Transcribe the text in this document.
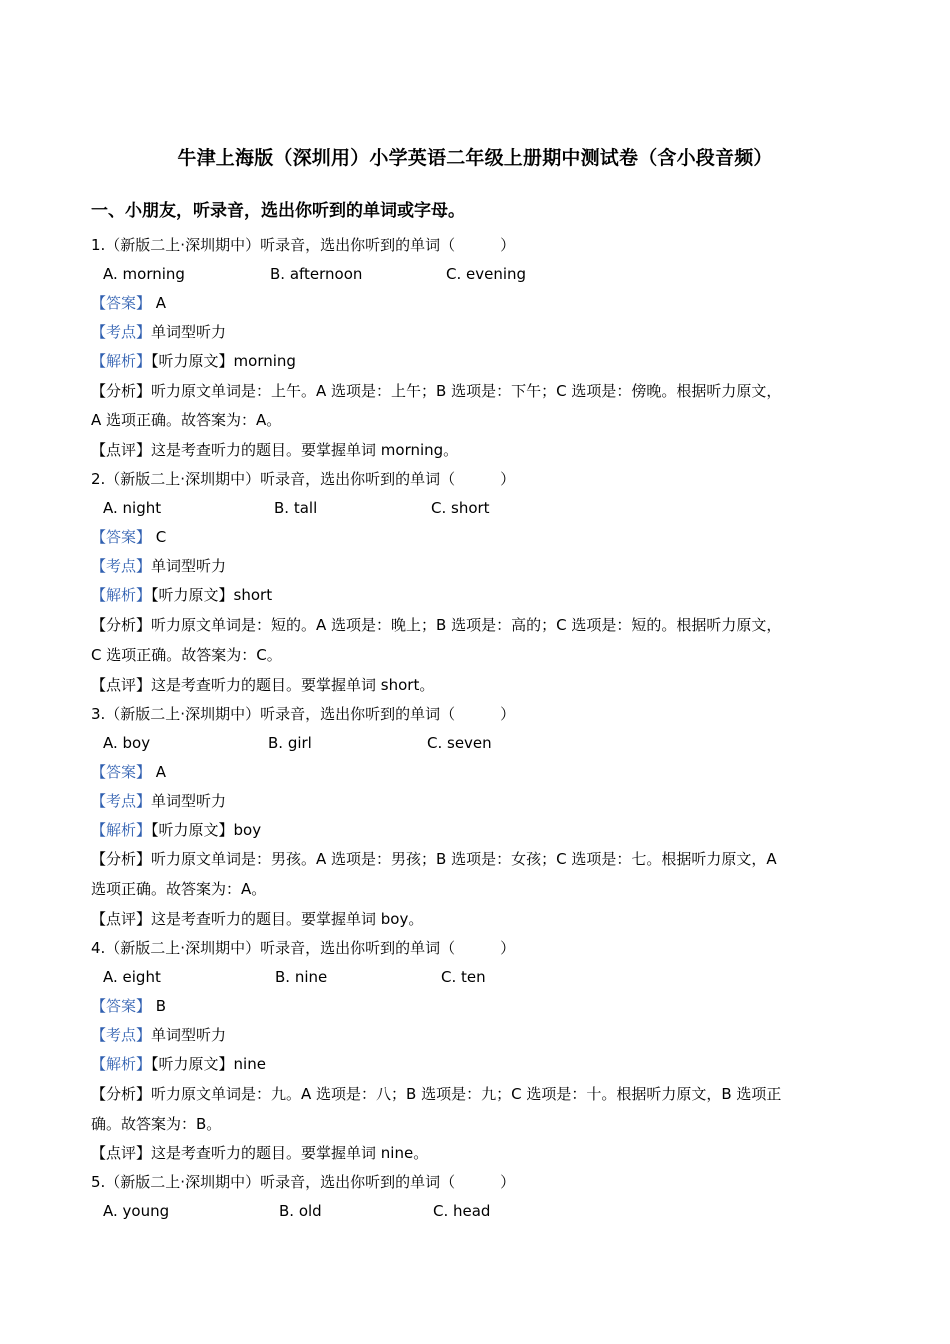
牛津上海版（深圳用）小学英语二年级上册期中测试卷（含小段音频）
一、小朋友，听录音，选出你听到的单词或字母。
1.（新版二上·深圳期中）听录音，选出你听到的单词（　　　）
A. morning	B. afternoon	C. evening
【答案】 A
【考点】单词型听力
【解析】【听力原文】morning
【分析】听力原文单词是：上午。A 选项是：上午；B 选项是：下午；C 选项是：傍晚。根据听力原文，
A 选项正确。故答案为：A。
【点评】这是考查听力的题目。要掌握单词 morning。
2.（新版二上·深圳期中）听录音，选出你听到的单词（　　　）
A. night	B. tall	C. short
【答案】 C
【考点】单词型听力
【解析】【听力原文】short
【分析】听力原文单词是：短的。A 选项是：晚上；B 选项是：高的；C 选项是：短的。根据听力原文，
C 选项正确。故答案为：C。
【点评】这是考查听力的题目。要掌握单词 short。
3.（新版二上·深圳期中）听录音，选出你听到的单词（　　　）
A. boy	B. girl	C. seven
【答案】 A
【考点】单词型听力
【解析】【听力原文】boy
【分析】听力原文单词是：男孩。A 选项是：男孩；B 选项是：女孩；C 选项是：七。根据听力原文，A
选项正确。故答案为：A。
【点评】这是考查听力的题目。要掌握单词 boy。
4.（新版二上·深圳期中）听录音，选出你听到的单词（　　　）
A. eight	B. nine	C. ten
【答案】 B
【考点】单词型听力
【解析】【听力原文】nine
【分析】听力原文单词是：九。A 选项是：八；B 选项是：九；C 选项是：十。根据听力原文，B 选项正
确。故答案为：B。
【点评】这是考查听力的题目。要掌握单词 nine。
5.（新版二上·深圳期中）听录音，选出你听到的单词（　　　）
A. young	B. old	C. head
